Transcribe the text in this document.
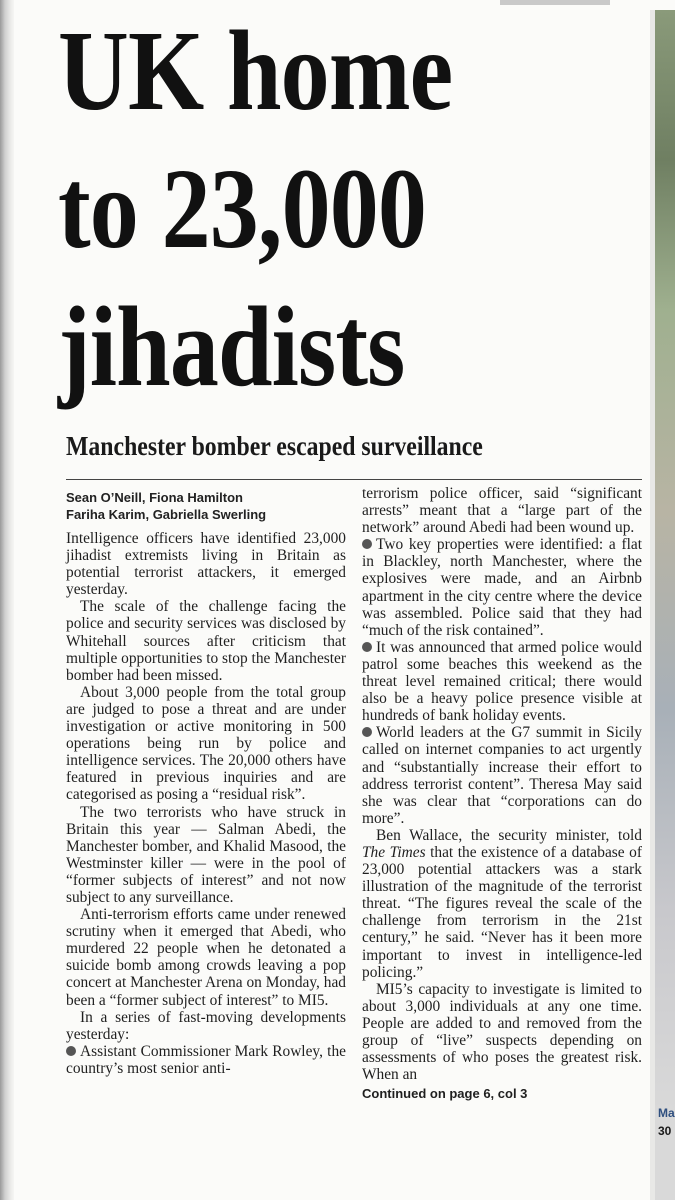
UK home
to 23,000
jihadists
Manchester bomber escaped surveillance
Sean O’Neill, Fiona Hamilton
Fariha Karim, Gabriella Swerling

Intelligence officers have identified 23,000 jihadist extremists living in Britain as potential terrorist attackers, it emerged yesterday.

The scale of the challenge facing the police and security services was disclosed by Whitehall sources after criticism that multiple opportunities to stop the Manchester bomber had been missed.

About 3,000 people from the total group are judged to pose a threat and are under investigation or active monitoring in 500 operations being run by police and intelligence services. The 20,000 others have featured in previous inquiries and are categorised as posing a “residual risk”.

The two terrorists who have struck in Britain this year — Salman Abedi, the Manchester bomber, and Khalid Masood, the Westminster killer — were in the pool of “former subjects of interest” and not now subject to any surveillance.

Anti-terrorism efforts came under renewed scrutiny when it emerged that Abedi, who murdered 22 people when he detonated a suicide bomb among crowds leaving a pop concert at Manchester Arena on Monday, had been a “former subject of interest” to MI5.

In a series of fast-moving developments yesterday:

Assistant Commissioner Mark Rowley, the country’s most senior anti-

terrorism police officer, said “significant arrests” meant that a “large part of the network” around Abedi had been wound up.

Two key properties were identified: a flat in Blackley, north Manchester, where the explosives were made, and an Airbnb apartment in the city centre where the device was assembled. Police said that they had “much of the risk contained”.

It was announced that armed police would patrol some beaches this weekend as the threat level remained critical; there would also be a heavy police presence visible at hundreds of bank holiday events.

World leaders at the G7 summit in Sicily called on internet companies to act urgently and “substantially increase their effort to address terrorist content”. Theresa May said she was clear that “corporations can do more”.

Ben Wallace, the security minister, told The Times that the existence of a database of 23,000 potential attackers was a stark illustration of the magnitude of the terrorist threat. “The figures reveal the scale of the challenge from terrorism in the 21st century,” he said. “Never has it been more important to invest in intelligence-led policing.”

MI5’s capacity to investigate is limited to about 3,000 individuals at any one time. People are added to and removed from the group of “live” suspects depending on assessments of who poses the greatest risk. When an

Continued on page 6, col 3
Ma
30
